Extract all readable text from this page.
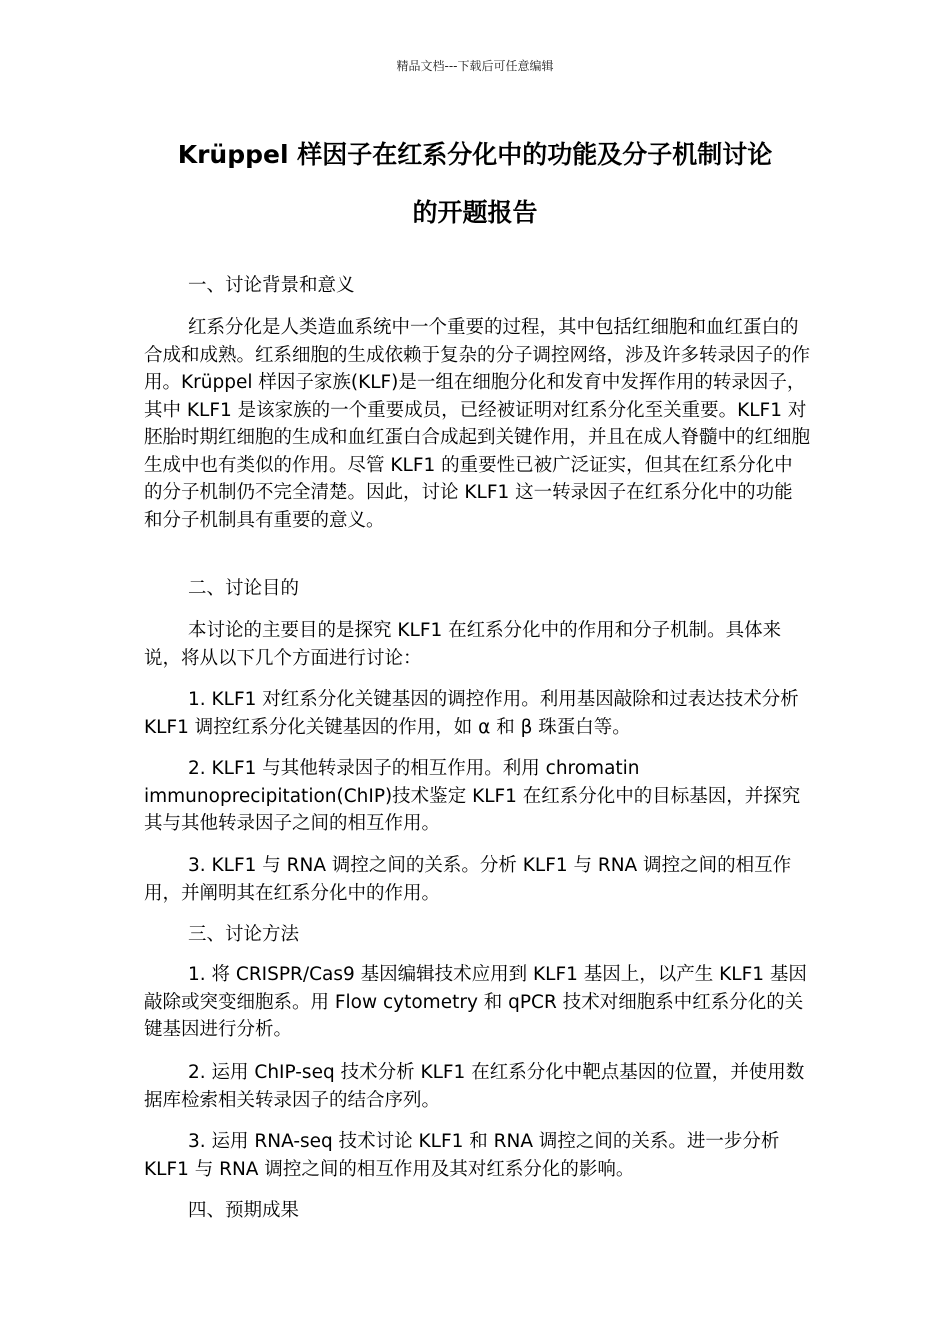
精品文档---下载后可任意编辑
Krüppel 样因子在红系分化中的功能及分子机制讨论
的开题报告
一、讨论背景和意义
红系分化是人类造血系统中一个重要的过程，其中包括红细胞和血红蛋白的合成和成熟。红系细胞的生成依赖于复杂的分子调控网络，涉及许多转录因子的作用。Krüppel 样因子家族(KLF)是一组在细胞分化和发育中发挥作用的转录因子，其中 KLF1 是该家族的一个重要成员，已经被证明对红系分化至关重要。KLF1 对胚胎时期红细胞的生成和血红蛋白合成起到关键作用，并且在成人脊髓中的红细胞生成中也有类似的作用。尽管 KLF1 的重要性已被广泛证实，但其在红系分化中的分子机制仍不完全清楚。因此，讨论 KLF1 这一转录因子在红系分化中的功能和分子机制具有重要的意义。
二、讨论目的
本讨论的主要目的是探究 KLF1 在红系分化中的作用和分子机制。具体来说，将从以下几个方面进行讨论：
1. KLF1 对红系分化关键基因的调控作用。利用基因敲除和过表达技术分析 KLF1 调控红系分化关键基因的作用，如 α 和 β 珠蛋白等。
2. KLF1 与其他转录因子的相互作用。利用 chromatin immunoprecipitation(ChIP)技术鉴定 KLF1 在红系分化中的目标基因，并探究其与其他转录因子之间的相互作用。
3. KLF1 与 RNA 调控之间的关系。分析 KLF1 与 RNA 调控之间的相互作用，并阐明其在红系分化中的作用。
三、讨论方法
1. 将 CRISPR/Cas9 基因编辑技术应用到 KLF1 基因上，以产生 KLF1 基因敲除或突变细胞系。用 Flow cytometry 和 qPCR 技术对细胞系中红系分化的关键基因进行分析。
2. 运用 ChIP-seq 技术分析 KLF1 在红系分化中靶点基因的位置，并使用数据库检索相关转录因子的结合序列。
3. 运用 RNA-seq 技术讨论 KLF1 和 RNA 调控之间的关系。进一步分析 KLF1 与 RNA 调控之间的相互作用及其对红系分化的影响。
四、预期成果
